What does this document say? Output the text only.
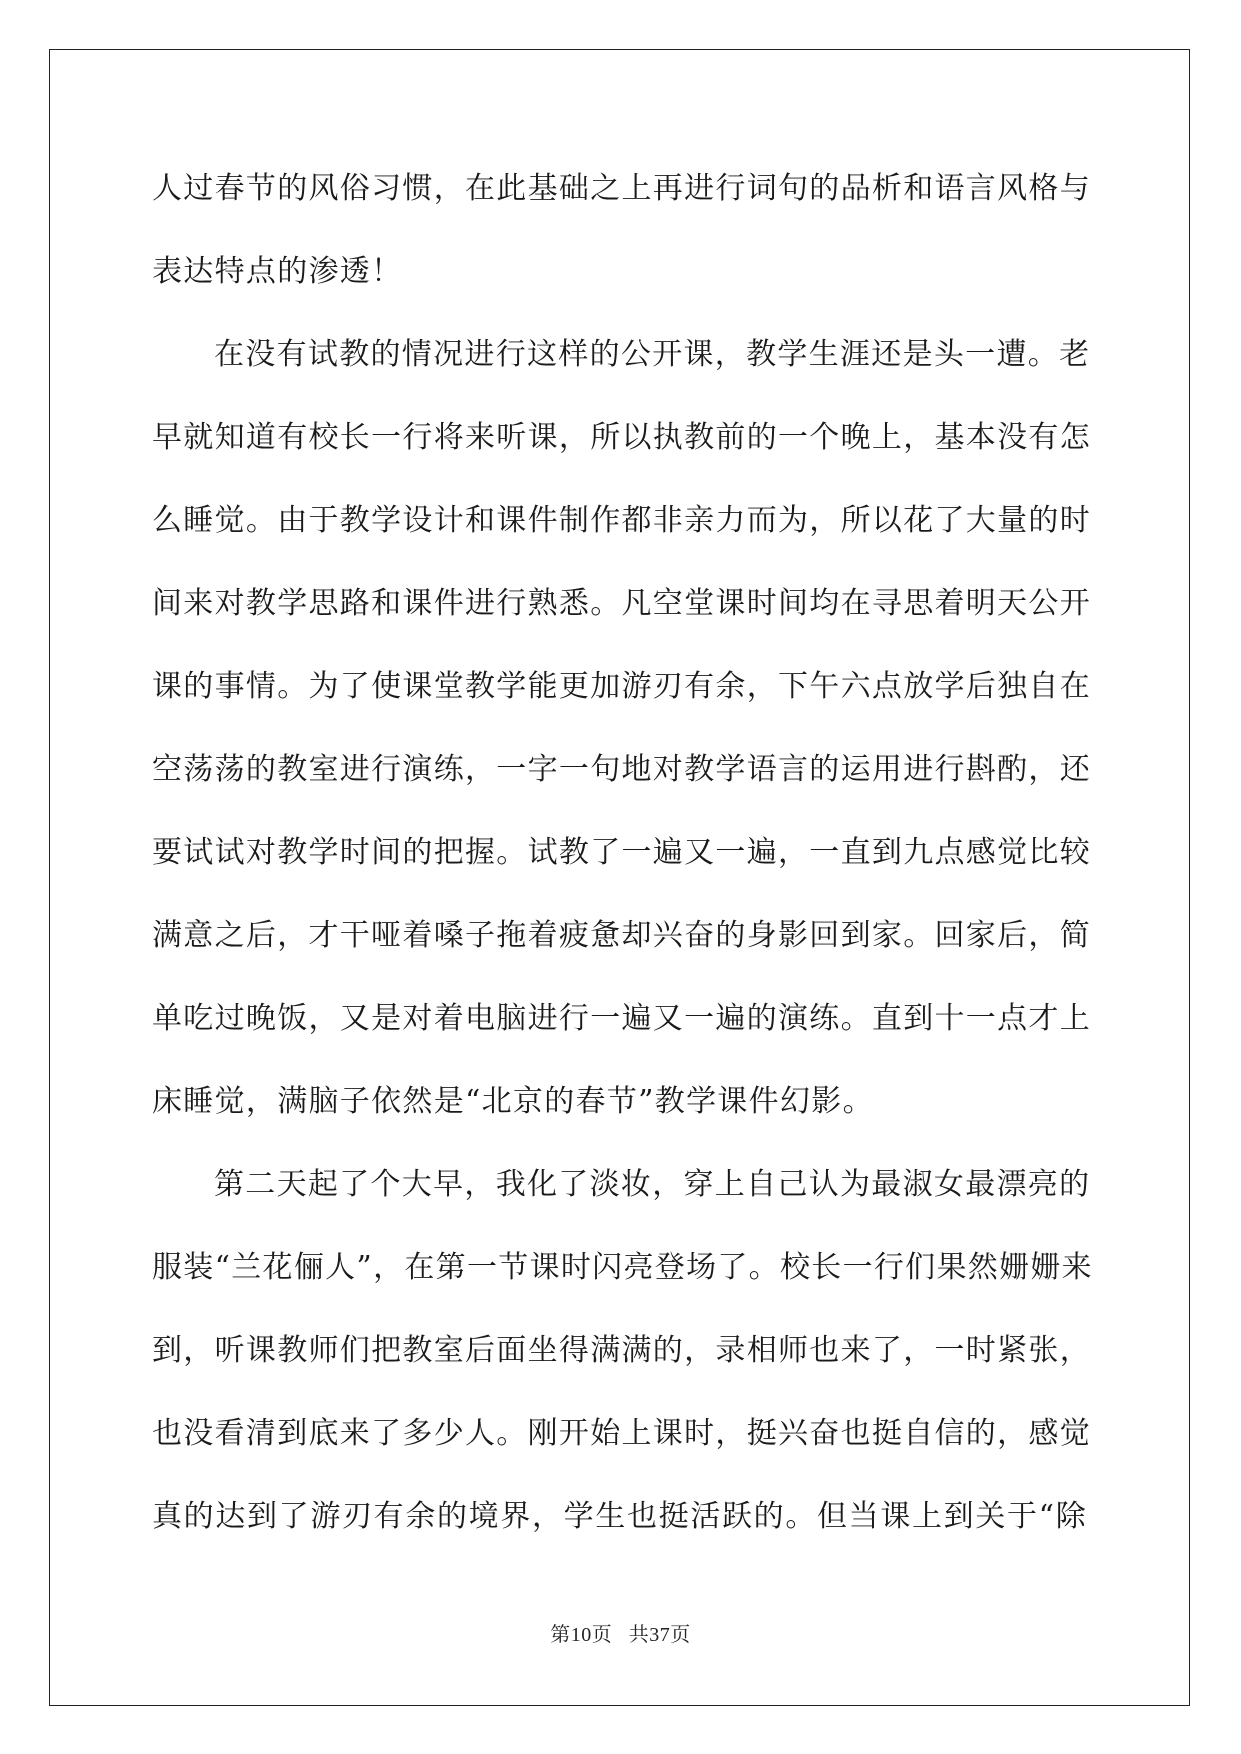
人过春节的风俗习惯，在此基础之上再进行词句的品析和语言风格与
表达特点的渗透！
在没有试教的情况进行这样的公开课，教学生涯还是头一遭。老
早就知道有校长一行将来听课，所以执教前的一个晚上，基本没有怎
么睡觉。由于教学设计和课件制作都非亲力而为，所以花了大量的时
间来对教学思路和课件进行熟悉。凡空堂课时间均在寻思着明天公开
课的事情。为了使课堂教学能更加游刃有余，下午六点放学后独自在
空荡荡的教室进行演练，一字一句地对教学语言的运用进行斟酌，还
要试试对教学时间的把握。试教了一遍又一遍，一直到九点感觉比较
满意之后，才干哑着嗓子拖着疲惫却兴奋的身影回到家。回家后，简
单吃过晚饭，又是对着电脑进行一遍又一遍的演练。直到十一点才上
床睡觉，满脑子依然是“北京的春节”教学课件幻影。
第二天起了个大早，我化了淡妆，穿上自己认为最淑女最漂亮的
服装“兰花俪人”，在第一节课时闪亮登场了。校长一行们果然姗姗来
到，听课教师们把教室后面坐得满满的，录相师也来了，一时紧张，
也没看清到底来了多少人。刚开始上课时，挺兴奋也挺自信的，感觉
真的达到了游刃有余的境界，学生也挺活跃的。但当课上到关于“除
第10页 共37页
